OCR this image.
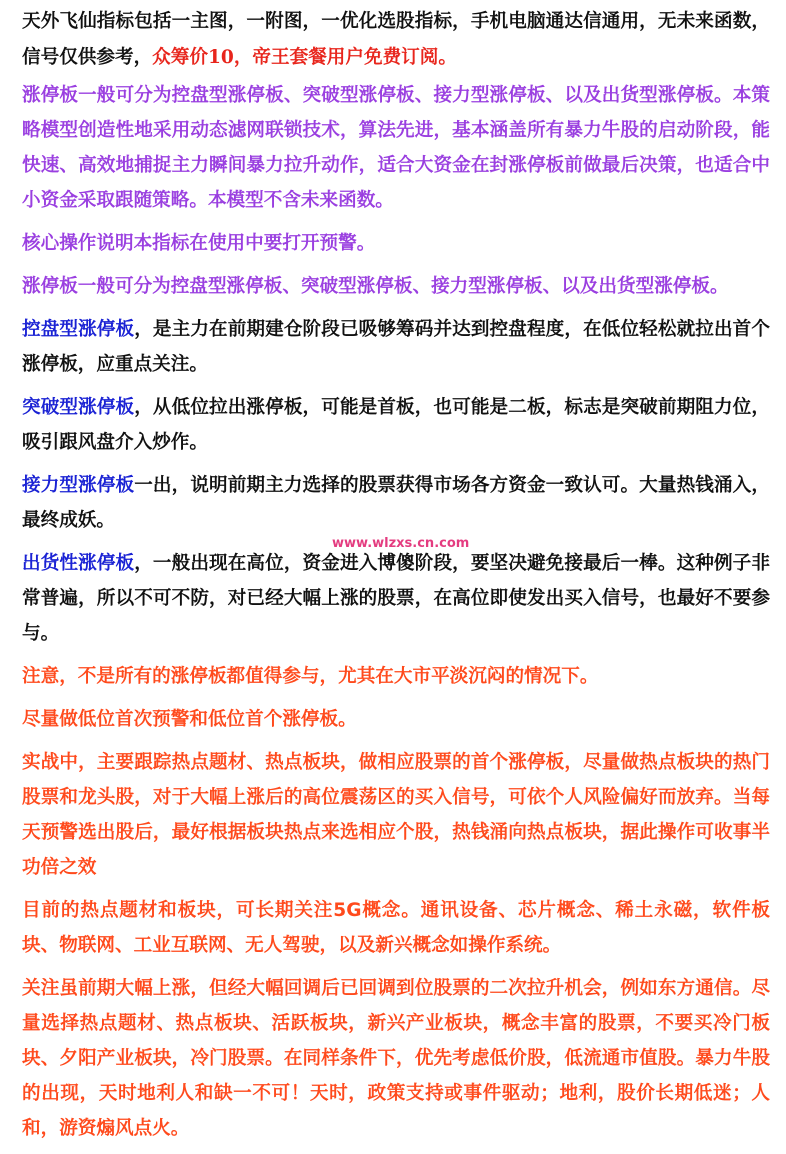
天外飞仙指标包括一主图，一附图，一优化选股指标，手机电脑通达信通用，无未来函数，信号仅供参考，众筹价10，帝王套餐用户免费订阅。

涨停板一般可分为控盘型涨停板、突破型涨停板、接力型涨停板、以及出货型涨停板。本策略模型创造性地采用动态滤网联锁技术，算法先进，基本涵盖所有暴力牛股的启动阶段，能快速、高效地捕捉主力瞬间暴力拉升动作，适合大资金在封涨停板前做最后决策，也适合中小资金采取跟随策略。本模型不含未来函数。

核心操作说明本指标在使用中要打开预警。

涨停板一般可分为控盘型涨停板、突破型涨停板、接力型涨停板、以及出货型涨停板。

控盘型涨停板，是主力在前期建仓阶段已吸够筹码并达到控盘程度，在低位轻松就拉出首个涨停板，应重点关注。

突破型涨停板，从低位拉出涨停板，可能是首板，也可能是二板，标志是突破前期阻力位，吸引跟风盘介入炒作。

接力型涨停板一出，说明前期主力选择的股票获得市场各方资金一致认可。大量热钱涌入，最终成妖。

出货性涨停板，一般出现在高位，资金进入博傻阶段，要坚决避免接最后一棒。这种例子非常普遍，所以不可不防，对已经大幅上涨的股票，在高位即使发出买入信号，也最好不要参与。

注意，不是所有的涨停板都值得参与，尤其在大市平淡沉闷的情况下。

尽量做低位首次预警和低位首个涨停板。

实战中，主要跟踪热点题材、热点板块，做相应股票的首个涨停板，尽量做热点板块的热门股票和龙头股，对于大幅上涨后的高位震荡区的买入信号，可依个人风险偏好而放弃。当每天预警选出股后，最好根据板块热点来选相应个股，热钱涌向热点板块，据此操作可收事半功倍之效

目前的热点题材和板块，可长期关注5G概念。通讯设备、芯片概念、稀土永磁，软件板块、物联网、工业互联网、无人驾驶，以及新兴概念如操作系统。

关注虽前期大幅上涨，但经大幅回调后已回调到位股票的二次拉升机会，例如东方通信。尽量选择热点题材、热点板块、活跃板块，新兴产业板块，概念丰富的股票，不要买冷门板块、夕阳产业板块，冷门股票。在同样条件下，优先考虑低价股，低流通市值股。暴力牛股的出现，天时地利人和缺一不可！天时，政策支持或事件驱动；地利，股价长期低迷；人和，游资煽风点火。

www.wlzxs.cn.com
